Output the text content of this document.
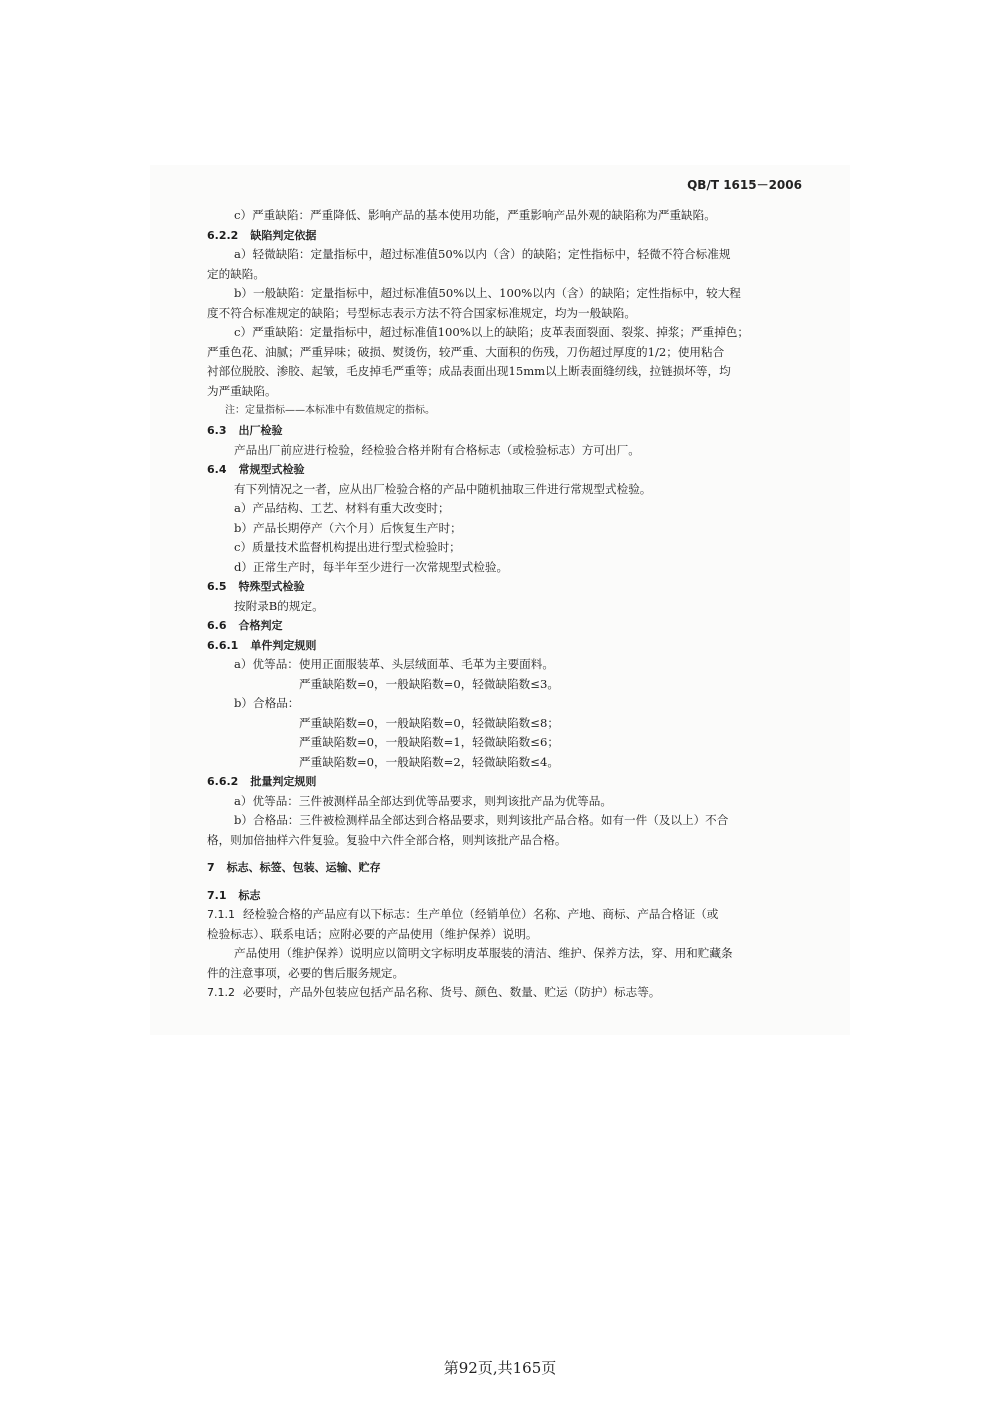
QB/T 1615－2006

c）严重缺陷：严重降低、影响产品的基本使用功能，严重影响产品外观的缺陷称为严重缺陷。

6.2.2 缺陷判定依据

a）轻微缺陷：定量指标中，超过标准值50%以内（含）的缺陷；定性指标中，轻微不符合标准规

定的缺陷。

b）一般缺陷：定量指标中，超过标准值50%以上、100%以内（含）的缺陷；定性指标中，较大程

度不符合标准规定的缺陷；号型标志表示方法不符合国家标准规定，均为一般缺陷。

c）严重缺陷：定量指标中，超过标准值100%以上的缺陷；皮革表面裂面、裂浆、掉浆；严重掉色；

严重色花、油腻；严重异味；破损、熨烫伤，较严重、大面积的伤残，刀伤超过厚度的1/2；使用粘合

衬部位脱胶、渗胶、起皱，毛皮掉毛严重等；成品表面出现15mm以上断表面缝纫线，拉链损坏等，均

为严重缺陷。

注：定量指标——本标准中有数值规定的指标。

6.3 出厂检验

产品出厂前应进行检验，经检验合格并附有合格标志（或检验标志）方可出厂。

6.4 常规型式检验

有下列情况之一者，应从出厂检验合格的产品中随机抽取三件进行常规型式检验。

a）产品结构、工艺、材料有重大改变时；

b）产品长期停产（六个月）后恢复生产时；

c）质量技术监督机构提出进行型式检验时；

d）正常生产时，每半年至少进行一次常规型式检验。

6.5 特殊型式检验

按附录B的规定。

6.6 合格判定

6.6.1 单件判定规则

a）优等品：使用正面服装革、头层绒面革、毛革为主要面料。

严重缺陷数=0，一般缺陷数=0，轻微缺陷数≤3。

b）合格品：

严重缺陷数=0，一般缺陷数=0，轻微缺陷数≤8；

严重缺陷数=0，一般缺陷数=1，轻微缺陷数≤6；

严重缺陷数=0，一般缺陷数=2，轻微缺陷数≤4。

6.6.2 批量判定规则

a）优等品：三件被测样品全部达到优等品要求，则判该批产品为优等品。

b）合格品：三件被检测样品全部达到合格品要求，则判该批产品合格。如有一件（及以上）不合

格，则加倍抽样六件复验。复验中六件全部合格，则判该批产品合格。

7 标志、标签、包装、运输、贮存

7.1 标志

7.1.1 经检验合格的产品应有以下标志：生产单位（经销单位）名称、产地、商标、产品合格证（或

检验标志）、联系电话；应附必要的产品使用（维护保养）说明。

产品使用（维护保养）说明应以简明文字标明皮革服装的清洁、维护、保养方法，穿、用和贮藏条

件的注意事项，必要的售后服务规定。

7.1.2 必要时，产品外包装应包括产品名称、货号、颜色、数量、贮运（防护）标志等。

第92页,共165页
